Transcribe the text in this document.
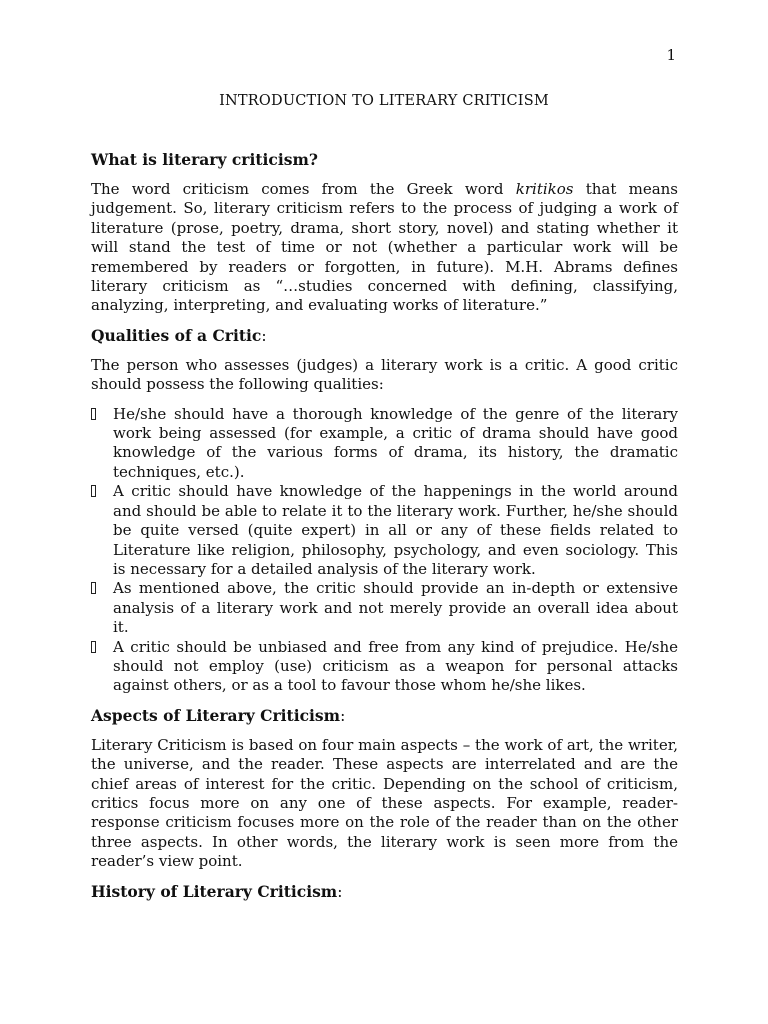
1
INTRODUCTION TO LITERARY CRITICISM
What is literary criticism?

The word criticism comes from the Greek word kritikos that means judgement. So, literary criticism refers to the process of judging a work of literature (prose, poetry, drama, short story, novel) and stating whether it will stand the test of time or not (whether a particular work will be remembered by readers or forgotten, in future). M.H. Abrams defines literary criticism as “…studies concerned with defining, classifying, analyzing, interpreting, and evaluating works of literature.”

Qualities of a Critic:

The person who assesses (judges) a literary work is a critic. A good critic should possess the following qualities:

He/she should have a thorough knowledge of the genre of the literary work being assessed (for example, a critic of drama should have good knowledge of the various forms of drama, its history, the dramatic techniques, etc.).
A critic should have knowledge of the happenings in the world around and should be able to relate it to the literary work. Further, he/she should be quite versed (quite expert) in all or any of these fields related to Literature like religion, philosophy, psychology, and even sociology. This is necessary for a detailed analysis of the literary work.
As mentioned above, the critic should provide an in-depth or extensive analysis of a literary work and not merely provide an overall idea about it.
A critic should be unbiased and free from any kind of prejudice. He/she should not employ (use) criticism as a weapon for personal attacks against others, or as a tool to favour those whom he/she likes.
Aspects of Literary Criticism:

Literary Criticism is based on four main aspects – the work of art, the writer, the universe, and the reader. These aspects are interrelated and are the chief areas of interest for the critic. Depending on the school of criticism, critics focus more on any one of these aspects. For example, reader-response criticism focuses more on the role of the reader than on the other three aspects. In other words, the literary work is seen more from the reader’s view point.

History of Literary Criticism:
